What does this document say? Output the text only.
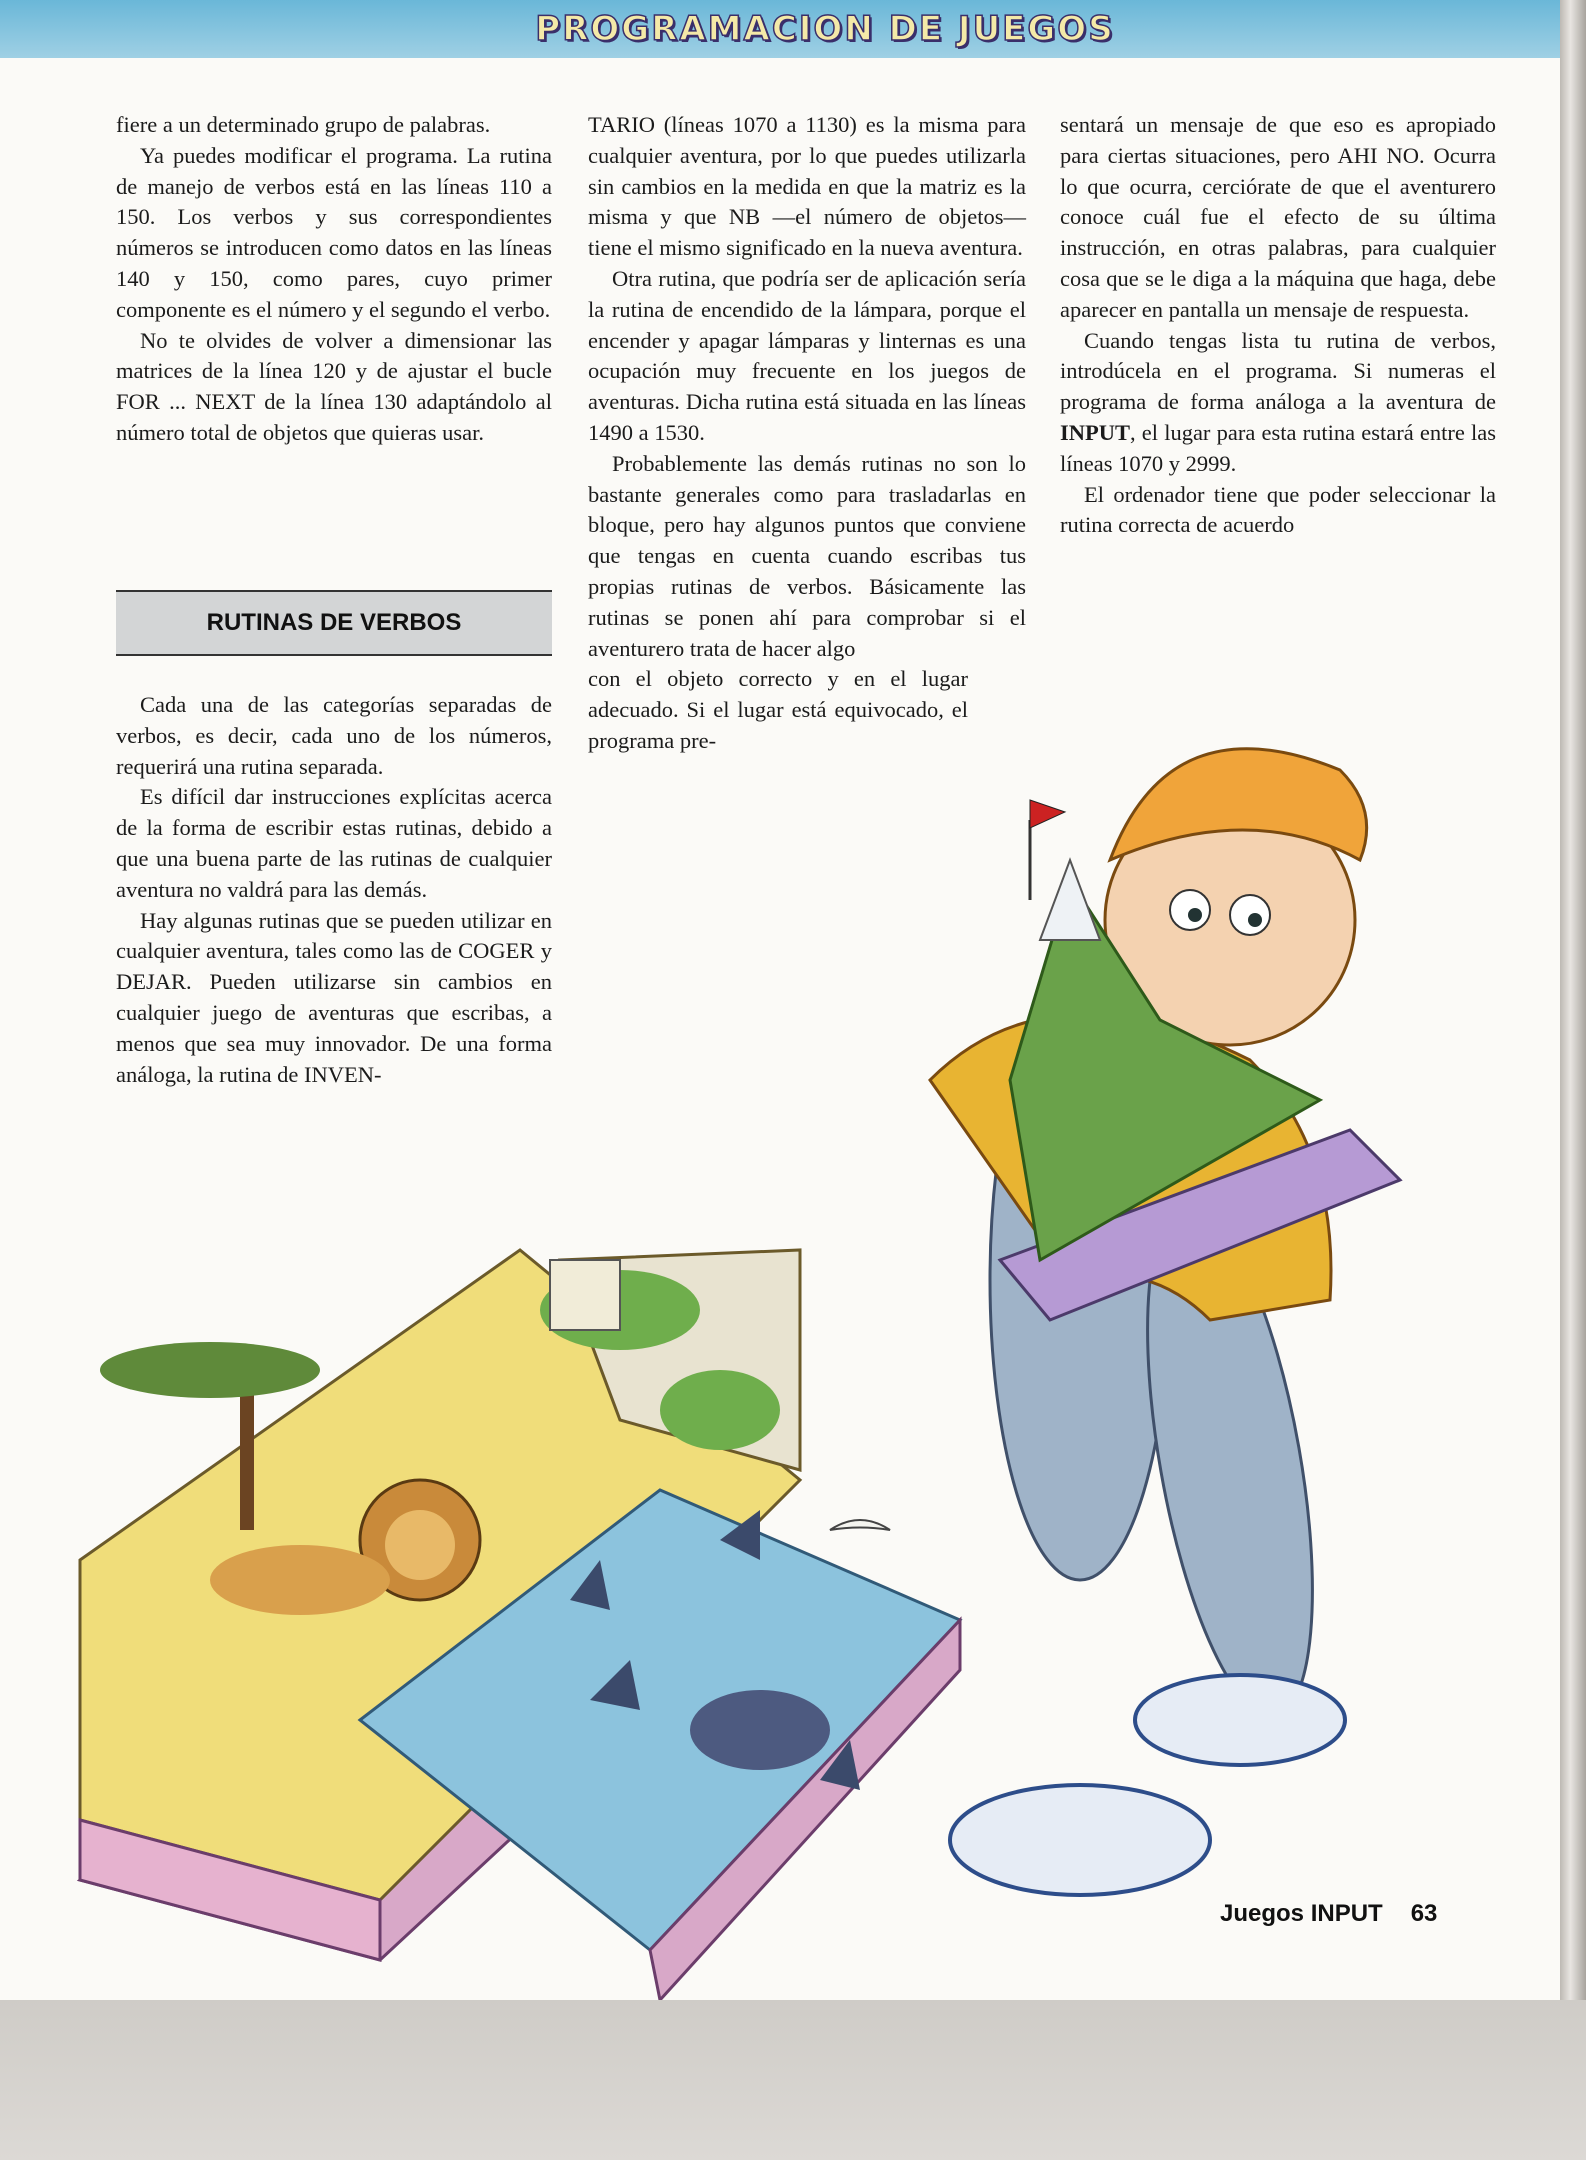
PROGRAMACION DE JUEGOS

fiere a un determinado grupo de palabras.

Ya puedes modificar el programa. La rutina de manejo de verbos está en las líneas 110 a 150. Los verbos y sus correspondientes números se introducen como datos en las líneas 140 y 150, como pares, cuyo primer componente es el número y el segundo el verbo.

No te olvides de volver a dimensionar las matrices de la línea 120 y de ajustar el bucle FOR ... NEXT de la línea 130 adaptándolo al número total de objetos que quieras usar.

RUTINAS DE VERBOS

Cada una de las categorías separadas de verbos, es decir, cada uno de los números, requerirá una rutina separada.

Es difícil dar instrucciones explícitas acerca de la forma de escribir estas rutinas, debido a que una buena parte de las rutinas de cualquier aventura no valdrá para las demás.

Hay algunas rutinas que se pueden utilizar en cualquier aventura, tales como las de COGER y DEJAR. Pueden utilizarse sin cambios en cualquier juego de aventuras que escribas, a menos que sea muy innovador. De una forma análoga, la rutina de INVEN-

TARIO (líneas 1070 a 1130) es la misma para cualquier aventura, por lo que puedes utilizarla sin cambios en la medida en que la matriz es la misma y que NB —el número de objetos— tiene el mismo significado en la nueva aventura.

Otra rutina, que podría ser de aplicación sería la rutina de encendido de la lámpara, porque el encender y apagar lámparas y linternas es una ocupación muy frecuente en los juegos de aventuras. Dicha rutina está situada en las líneas 1490 a 1530.

Probablemente las demás rutinas no son lo bastante generales como para trasladarlas en bloque, pero hay algunos puntos que conviene que tengas en cuenta cuando escribas tus propias rutinas de verbos. Básicamente las rutinas se ponen ahí para comprobar si el aventurero trata de hacer algo

con el objeto correcto y en el lugar adecuado. Si el lugar está equivocado, el programa pre-

sentará un mensaje de que eso es apropiado para ciertas situaciones, pero AHI NO. Ocurra lo que ocurra, cerciórate de que el aventurero conoce cuál fue el efecto de su última instrucción, en otras palabras, para cualquier cosa que se le diga a la máquina que haga, debe aparecer en pantalla un mensaje de respuesta.

Cuando tengas lista tu rutina de verbos, introdúcela en el programa. Si numeras el programa de forma análoga a la aventura de INPUT, el lugar para esta rutina estará entre las líneas 1070 y 2999.

El ordenador tiene que poder seleccionar la rutina correcta de acuerdo

Juegos INPUT 63
